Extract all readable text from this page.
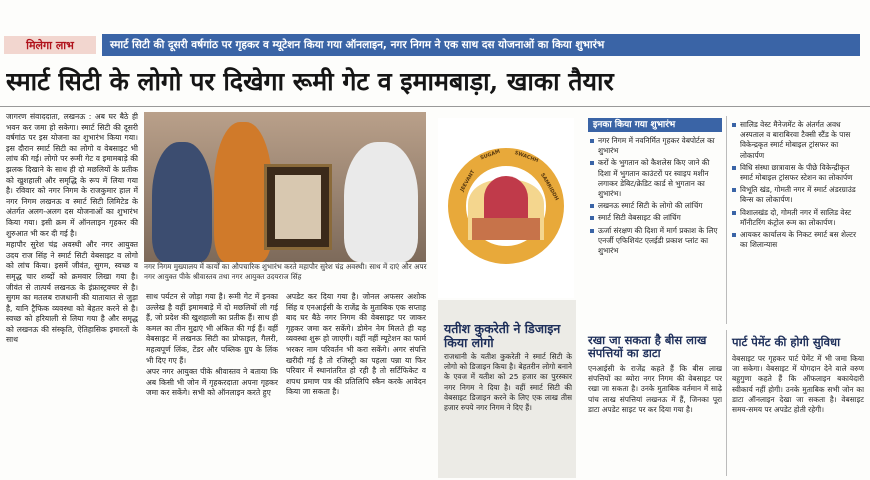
मिलेगा लाभ	स्मार्ट सिटी की दूसरी वर्षगांठ पर गृहकर व म्यूटेशन किया गया ऑनलाइन, नगर निगम ने एक साथ दस योजनाओं का किया शुभारंभ
स्मार्ट सिटी के लोगो पर दिखेगा रूमी गेट व इमामबाड़ा, खाका तैयार

जागरण संवाददाता, लखनऊ : अब घर बैठे ही भवन कर जमा हो सकेगा। स्मार्ट सिटी की दूसरी वर्षगांठ पर इस योजना का शुभारंभ किया गया। इस दौरान स्मार्ट सिटी का लोगो व वेबसाइट भी लांच की गई। लोगो पर रूमी गेट व इमामबाड़े की झलक दिखाने के साथ ही दो मछलियों के प्रतीक को खुशहाली और समृद्धि के रूप में लिया गया है। रविवार को नगर निगम के राजकुमार हाल में नगर निगम लखनऊ व स्मार्ट सिटी लिमिटेड के अंतर्गत अलग-अलग दस योजनाओं का शुभारंभ किया गया। इसी क्रम में ऑनलाइन गृहकर की शुरुआत भी कर दी गई है।

महापौर सुरेश चंद्र अवस्थी और नगर आयुक्त उदय राज सिंह ने स्मार्ट सिटी वेबसाइट व लोगो को लांच किया। इसमें जीवंत, सुगम, स्वच्छ व समृद्ध चार शब्दों को क्रमवार लिखा गया है। जीवंत से तात्पर्य लखनऊ के इंफ्रास्ट्रक्चर से है। सुगम का मतलब राजधानी की यातायात से जुड़ा है, यानि ट्रैफिक व्यवस्था को बेहतर करने से है। स्वच्छ को हरियाली से लिया गया है और समृद्ध को लखनऊ की संस्कृति, ऐतिहासिक इमारतों के साथ

नगर निगम मुख्यालय में कार्यों का औपचारिक शुभारंभ करते महापौर सुरेश चंद्र अवस्थी। साथ में दाएं और अपर नगर आयुक्त पीके श्रीवास्तव तथा नगर आयुक्त उदयराज सिंह

साथ पर्यटन से जोड़ा गया है। रूमी गेट में इनका उल्लेख है वहीं इमामबाड़े में दो मछलियों ली गई हैं, जो प्रदेश की खुशहाली का प्रतीक हैं। साथ ही कमल का तीन मुद्राएं भी अंकित की गई हैं। वहीं वेबसाइट में लखनऊ सिटी का प्रोफाइल, गैलरी, महत्वपूर्ण लिंक, टेंडर और पब्लिक ग्रुप के लिंक भी दिए गए हैं।

अपर नगर आयुक्त पीके श्रीवास्तव ने बताया कि अब किसी भी जोन में गृहकरदाता अपना गृहकर जमा कर सकेंगे। सभी को ऑनलाइन करते हुए

अपडेट कर दिया गया है। जोनल अफसर अशोक सिंह व एनआईसी के राजेंद्र के मुताबिक एक सप्ताह बाद घर बैठे नगर निगम की वेबसाइट पर जाकर गृहकर जमा कर सकेंगे। डोमेन नेम मिलते ही यह व्यवस्था शुरू हो जाएगी। वहीं नहीं म्यूटेशन का फार्म भरकर नाम परिवर्तन भी करा सकेंगे। अगर संपत्ति खरीदी गई है तो रजिस्ट्री का पहला पन्ना या फिर परिवार में स्थानांतरित हो रही है तो सर्टिफिकेट व शपथ प्रमाण पत्र की प्रतिलिपि स्कैन करके आवेदन किया जा सकता है।

JEEVANT
SUGAM	SWACHH
SAMRIDDH
यतीश कुकरेती ने डिजाइन किया लोगो
राजधानी के यतीश कुकरेती ने स्मार्ट सिटी के लोगो को डिजाइन किया है। बेहतरीन लोगो बनाने के एवज में यतीश को 25 हजार का पुरस्कार नगर निगम ने दिया है। वहीं स्मार्ट सिटी की वेबसाइट डिजाइन करने के लिए एक लाख तीस हजार रुपये नगर निगम ने दिए हैं।
इनका किया गया शुभारंभ
नगर निगम में नवनिर्मित गृहकर वेबपोर्टल का शुभारंभ
करों के भुगतान को कैशलेस किए जाने की दिशा में भुगतान काउंटरों पर स्वाइप मशीन लगाकर डेबिट/क्रेडिट कार्ड से भुगतान का शुभारंभ।
लखनऊ स्मार्ट सिटी के लोगो की लांचिंग
स्मार्ट सिटी वेबसाइट की लांचिंग
ऊर्जा संरक्षण की दिशा में मार्ग प्रकाश के लिए एनर्जी एफिशियंट एलईडी प्रकाश प्लांट का शुभारंभ
सालिड वेस्ट मैनेजमेंट के अंतर्गत अवध अस्पताल व बाराबिरवा टैक्सी स्टैंड के पास विकेन्द्रकृत स्मार्ट मोबाइल ट्रांसफर का लोकार्पण
विधि संस्था छात्रावास के पीछे विकेन्द्रीकृत स्मार्ट मोबाइल ट्रांसफर स्टेशन का लोकार्पण
विभूति खंड, गोमती नगर में स्मार्ट अंडरग्राउंड बिन्स का लोकार्पण।
विशालखंड दो, गोमती नगर में सालिड वेस्ट मॉनीटरिंग कंट्रोल रूम का लोकार्पण।
आयकर कार्यालय के निकट स्मार्ट बस शेल्टर का शिलान्यास
रखा जा सकता है बीस लाख संपत्तियों का डाटा
एनआईसी के राजेंद्र कहते हैं कि बीस लाख संपत्तियों का ब्योरा नगर निगम की वेबसाइट पर रखा जा सकता है। उनके मुताबिक वर्तमान में साढ़े पांच लाख संपत्तियां लखनऊ में हैं, जिनका पूरा डाटा अपडेट साइट पर कर दिया गया है।
पार्ट पेमेंट की होगी सुविधा
वेबसाइट पर गृहकर पार्ट पेमेंट में भी जमा किया जा सकेगा। वेबसाइट में योगदान देने वाले वरुण बहुगुणा कहते हैं कि ऑफलाइन बकायेदारी स्वीकार्य नहीं होगी। उनके मुताबिक सभी जोन का डाटा ऑनलाइन देखा जा सकता है। वेबसाइट समय-समय पर अपडेट होती रहेगी।
